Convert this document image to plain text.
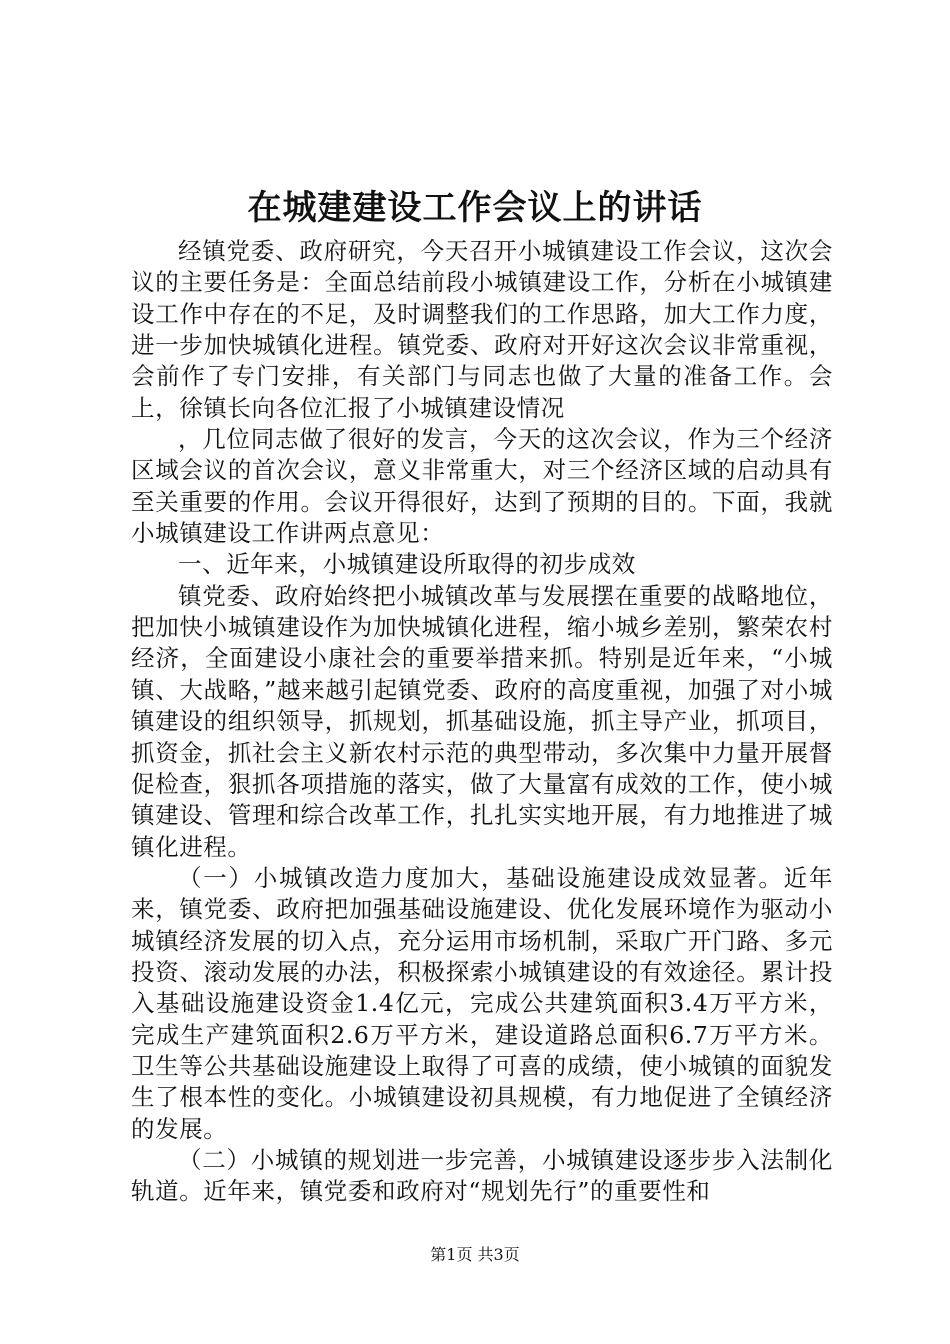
在城建建设工作会议上的讲话

经镇党委、政府研究，今天召开小城镇建设工作会议，这次会议的主要任务是：全面总结前段小城镇建设工作，分析在小城镇建设工作中存在的不足，及时调整我们的工作思路，加大工作力度，进一步加快城镇化进程。镇党委、政府对开好这次会议非常重视，会前作了专门安排，有关部门与同志也做了大量的准备工作。会上，徐镇长向各位汇报了小城镇建设情况

，几位同志做了很好的发言，今天的这次会议，作为三个经济区域会议的首次会议，意义非常重大，对三个经济区域的启动具有至关重要的作用。会议开得很好，达到了预期的目的。下面，我就小城镇建设工作讲两点意见：

一、近年来，小城镇建设所取得的初步成效

镇党委、政府始终把小城镇改革与发展摆在重要的战略地位，把加快小城镇建设作为加快城镇化进程，缩小城乡差别，繁荣农村经济，全面建设小康社会的重要举措来抓。特别是近年来，“小城镇、大战略，”越来越引起镇党委、政府的高度重视，加强了对小城镇建设的组织领导，抓规划，抓基础设施，抓主导产业，抓项目，抓资金，抓社会主义新农村示范的典型带动，多次集中力量开展督促检查，狠抓各项措施的落实，做了大量富有成效的工作，使小城镇建设、管理和综合改革工作，扎扎实实地开展，有力地推进了城镇化进程。

（一）小城镇改造力度加大，基础设施建设成效显著。近年来，镇党委、政府把加强基础设施建设、优化发展环境作为驱动小城镇经济发展的切入点，充分运用市场机制，采取广开门路、多元投资、滚动发展的办法，积极探索小城镇建设的有效途径。累计投入基础设施建设资金1.4亿元，完成公共建筑面积3.4万平方米，完成生产建筑面积2.6万平方米，建设道路总面积6.7万平方米。卫生等公共基础设施建设上取得了可喜的成绩，使小城镇的面貌发生了根本性的变化。小城镇建设初具规模，有力地促进了全镇经济的发展。

（二）小城镇的规划进一步完善，小城镇建设逐步步入法制化轨道。近年来，镇党委和政府对“规划先行”的重要性和

第1页 共3页
